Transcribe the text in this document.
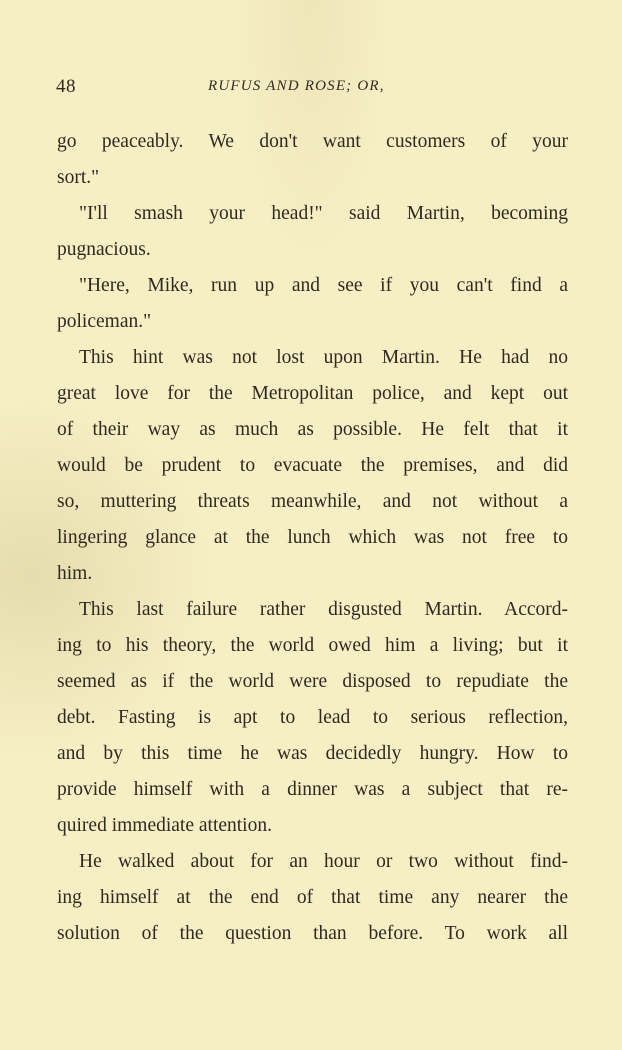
48	RUFUS AND ROSE; OR,
go peaceably. We don't want customers of your
sort."
"I'll smash your head!" said Martin, becoming
pugnacious.
"Here, Mike, run up and see if you can't find a
policeman."
This hint was not lost upon Martin. He had no
great love for the Metropolitan police, and kept out
of their way as much as possible. He felt that it
would be prudent to evacuate the premises, and did
so, muttering threats meanwhile, and not without a
lingering glance at the lunch which was not free to
him.
This last failure rather disgusted Martin. Accord-
ing to his theory, the world owed him a living; but it
seemed as if the world were disposed to repudiate the
debt. Fasting is apt to lead to serious reflection,
and by this time he was decidedly hungry. How to
provide himself with a dinner was a subject that re-
quired immediate attention.
He walked about for an hour or two without find-
ing himself at the end of that time any nearer the
solution of the question than before. To work all
